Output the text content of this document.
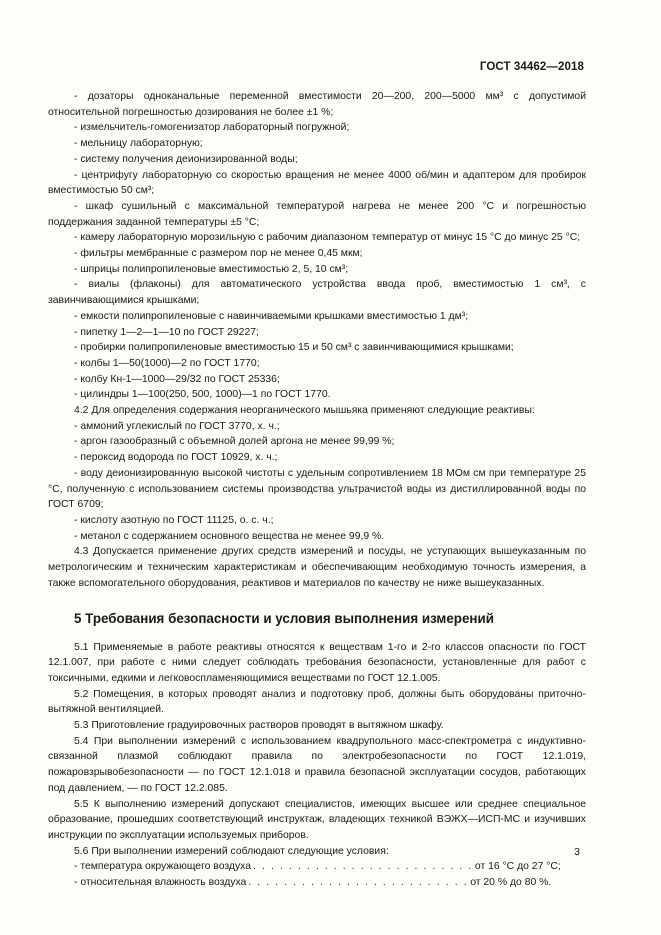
ГОСТ 34462—2018

- дозаторы одноканальные переменной вместимости 20—200, 200—5000 мм³ с допустимой относительной погрешностью дозирования не более ±1 %;

- измельчитель-гомогенизатор лабораторный погружной;

- мельницу лабораторную;

- систему получения деионизированной воды;

- центрифугу лабораторную со скоростью вращения не менее 4000 об/мин и адаптером для пробирок вместимостью 50 см³;

- шкаф сушильный с максимальной температурой нагрева не менее 200 °С и погрешностью поддержания заданной температуры ±5 °С;

- камеру лабораторную морозильную с рабочим диапазоном температур от минус 15 °С до минус 25 °С;

- фильтры мембранные с размером пор не менее 0,45 мкм;

- шприцы полипропиленовые вместимостью 2, 5, 10 см³;

- виалы (флаконы) для автоматического устройства ввода проб, вместимостью 1 см³, с завинчивающимися крышками;

- емкости полипропиленовые с навинчиваемыми крышками вместимостью 1 дм³;

- пипетку 1—2—1—10 по ГОСТ 29227;

- пробирки полипропиленовые вместимостью 15 и 50 см³ с завинчивающимися крышками;

- колбы 1—50(1000)—2 по ГОСТ 1770;

- колбу Кн-1—1000—29/32 по ГОСТ 25336;

- цилиндры 1—100(250, 500, 1000)—1 по ГОСТ 1770.

4.2 Для определения содержания неорганического мышьяка применяют следующие реактивы:

- аммоний углекислый по ГОСТ 3770, х. ч.;

- аргон газообразный с объемной долей аргона не менее 99,99 %;

- пероксид водорода по ГОСТ 10929, х. ч.;

- воду деионизированную высокой чистоты с удельным сопротивлением 18 МОм см при температуре 25 °С, полученную с использованием системы производства ультрачистой воды из дистиллированной воды по ГОСТ 6709;

- кислоту азотную по ГОСТ 11125, о. с. ч.;

- метанол с содержанием основного вещества не менее 99,9 %.

4.3 Допускается применение других средств измерений и посуды, не уступающих вышеуказанным по метрологическим и техническим характеристикам и обеспечивающим необходимую точность измерения, а также вспомогательного оборудования, реактивов и материалов по качеству не ниже вышеуказанных.

5 Требования безопасности и условия выполнения измерений

5.1 Применяемые в работе реактивы относятся к веществам 1-го и 2-го классов опасности по ГОСТ 12.1.007, при работе с ними следует соблюдать требования безопасности, установленные для работ с токсичными, едкими и легковоспламеняющимися веществами по ГОСТ 12.1.005.

5.2 Помещения, в которых проводят анализ и подготовку проб, должны быть оборудованы приточно-вытяжной вентиляцией.

5.3 Приготовление градуировочных растворов проводят в вытяжном шкафу.

5.4 При выполнении измерений с использованием квадрупольного масс-спектрометра с индуктивно-связанной плазмой соблюдают правила по электробезопасности по ГОСТ 12.1.019, пожаровзрывобезопасности — по ГОСТ 12.1.018 и правила безопасной эксплуатации сосудов, работающих под давлением, — по ГОСТ 12.2.085.

5.5 К выполнению измерений допускают специалистов, имеющих высшее или среднее специальное образование, прошедших соответствующий инструктаж, владеющих техникой ВЭЖХ—ИСП-МС и изучивших инструкции по эксплуатации используемых приборов.

5.6 При выполнении измерений соблюдают следующие условия:

- температура окружающего воздуха . . . . . . . . . . . . . . . . . . . . . . . . . от 16 °С до 27 °С;
- относительная влажность воздуха . . . . . . . . . . . . . . . . . . . . . . . . . от 20 % до 80 %.
3
